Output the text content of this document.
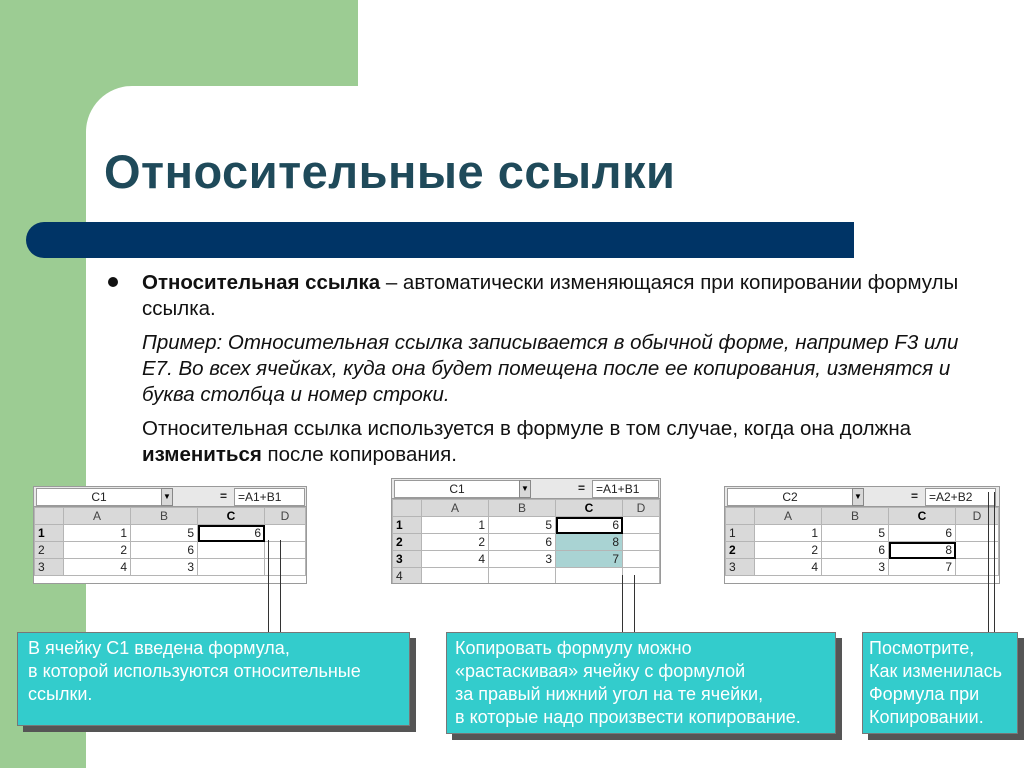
Относительные ссылки

Относительная ссылка – автоматически изменяющаяся при копировании формулы ссылка.

Пример: Относительная ссылка записывается в обычной форме, например F3 или E7. Во всех ячейках, куда она будет помещена после ее копирования, изменятся и буква столбца и номер строки.

Относительная ссылка используется в формуле в том случае, когда она должна измениться после копирования.

C1	▼	= =A1+B1
	A	B	C	D
1	1	5	6	
2	2	6		
3	4	3		
C1	▼	= =A1+B1
	A	B	C	D
1	1	5	6	
2	2	6	8	
3	4	3	7	
4				
C2	▼	= =A2+B2
	A	B	C	D
1	1	5	6	
2	2	6	8	
3	4	3	7	
В ячейку С1 введена формула,
в которой используются относительные
ссылки.
Копировать формулу можно
«растаскивая» ячейку с формулой
за правый нижний угол на те ячейки,
в которые надо произвести копирование.
Посмотрите,
Как изменилась
Формула при
Копировании.
